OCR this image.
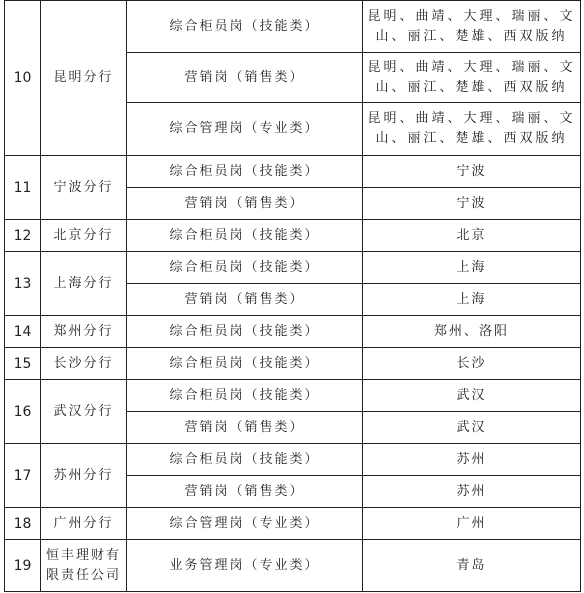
10	昆明分行	综合柜员岗（技能类）	昆明、曲靖、大理、瑞丽、文山、丽江、楚雄、西双版纳
		营销岗（销售类）	昆明、曲靖、大理、瑞丽、文山、丽江、楚雄、西双版纳
		综合管理岗（专业类）	昆明、曲靖、大理、瑞丽、文山、丽江、楚雄、西双版纳
11	宁波分行	综合柜员岗（技能类）	宁波
		营销岗（销售类）	宁波
12	北京分行	综合柜员岗（技能类）	北京
13	上海分行	综合柜员岗（技能类）	上海
		营销岗（销售类）	上海
14	郑州分行	综合柜员岗（技能类）	郑州、洛阳
15	长沙分行	综合柜员岗（技能类）	长沙
16	武汉分行	综合柜员岗（技能类）	武汉
		营销岗（销售类）	武汉
17	苏州分行	综合柜员岗（技能类）	苏州
		营销岗（销售类）	苏州
18	广州分行	综合管理岗（专业类）	广州
19	恒丰理财有限责任公司	业务管理岗（专业类）	青岛
